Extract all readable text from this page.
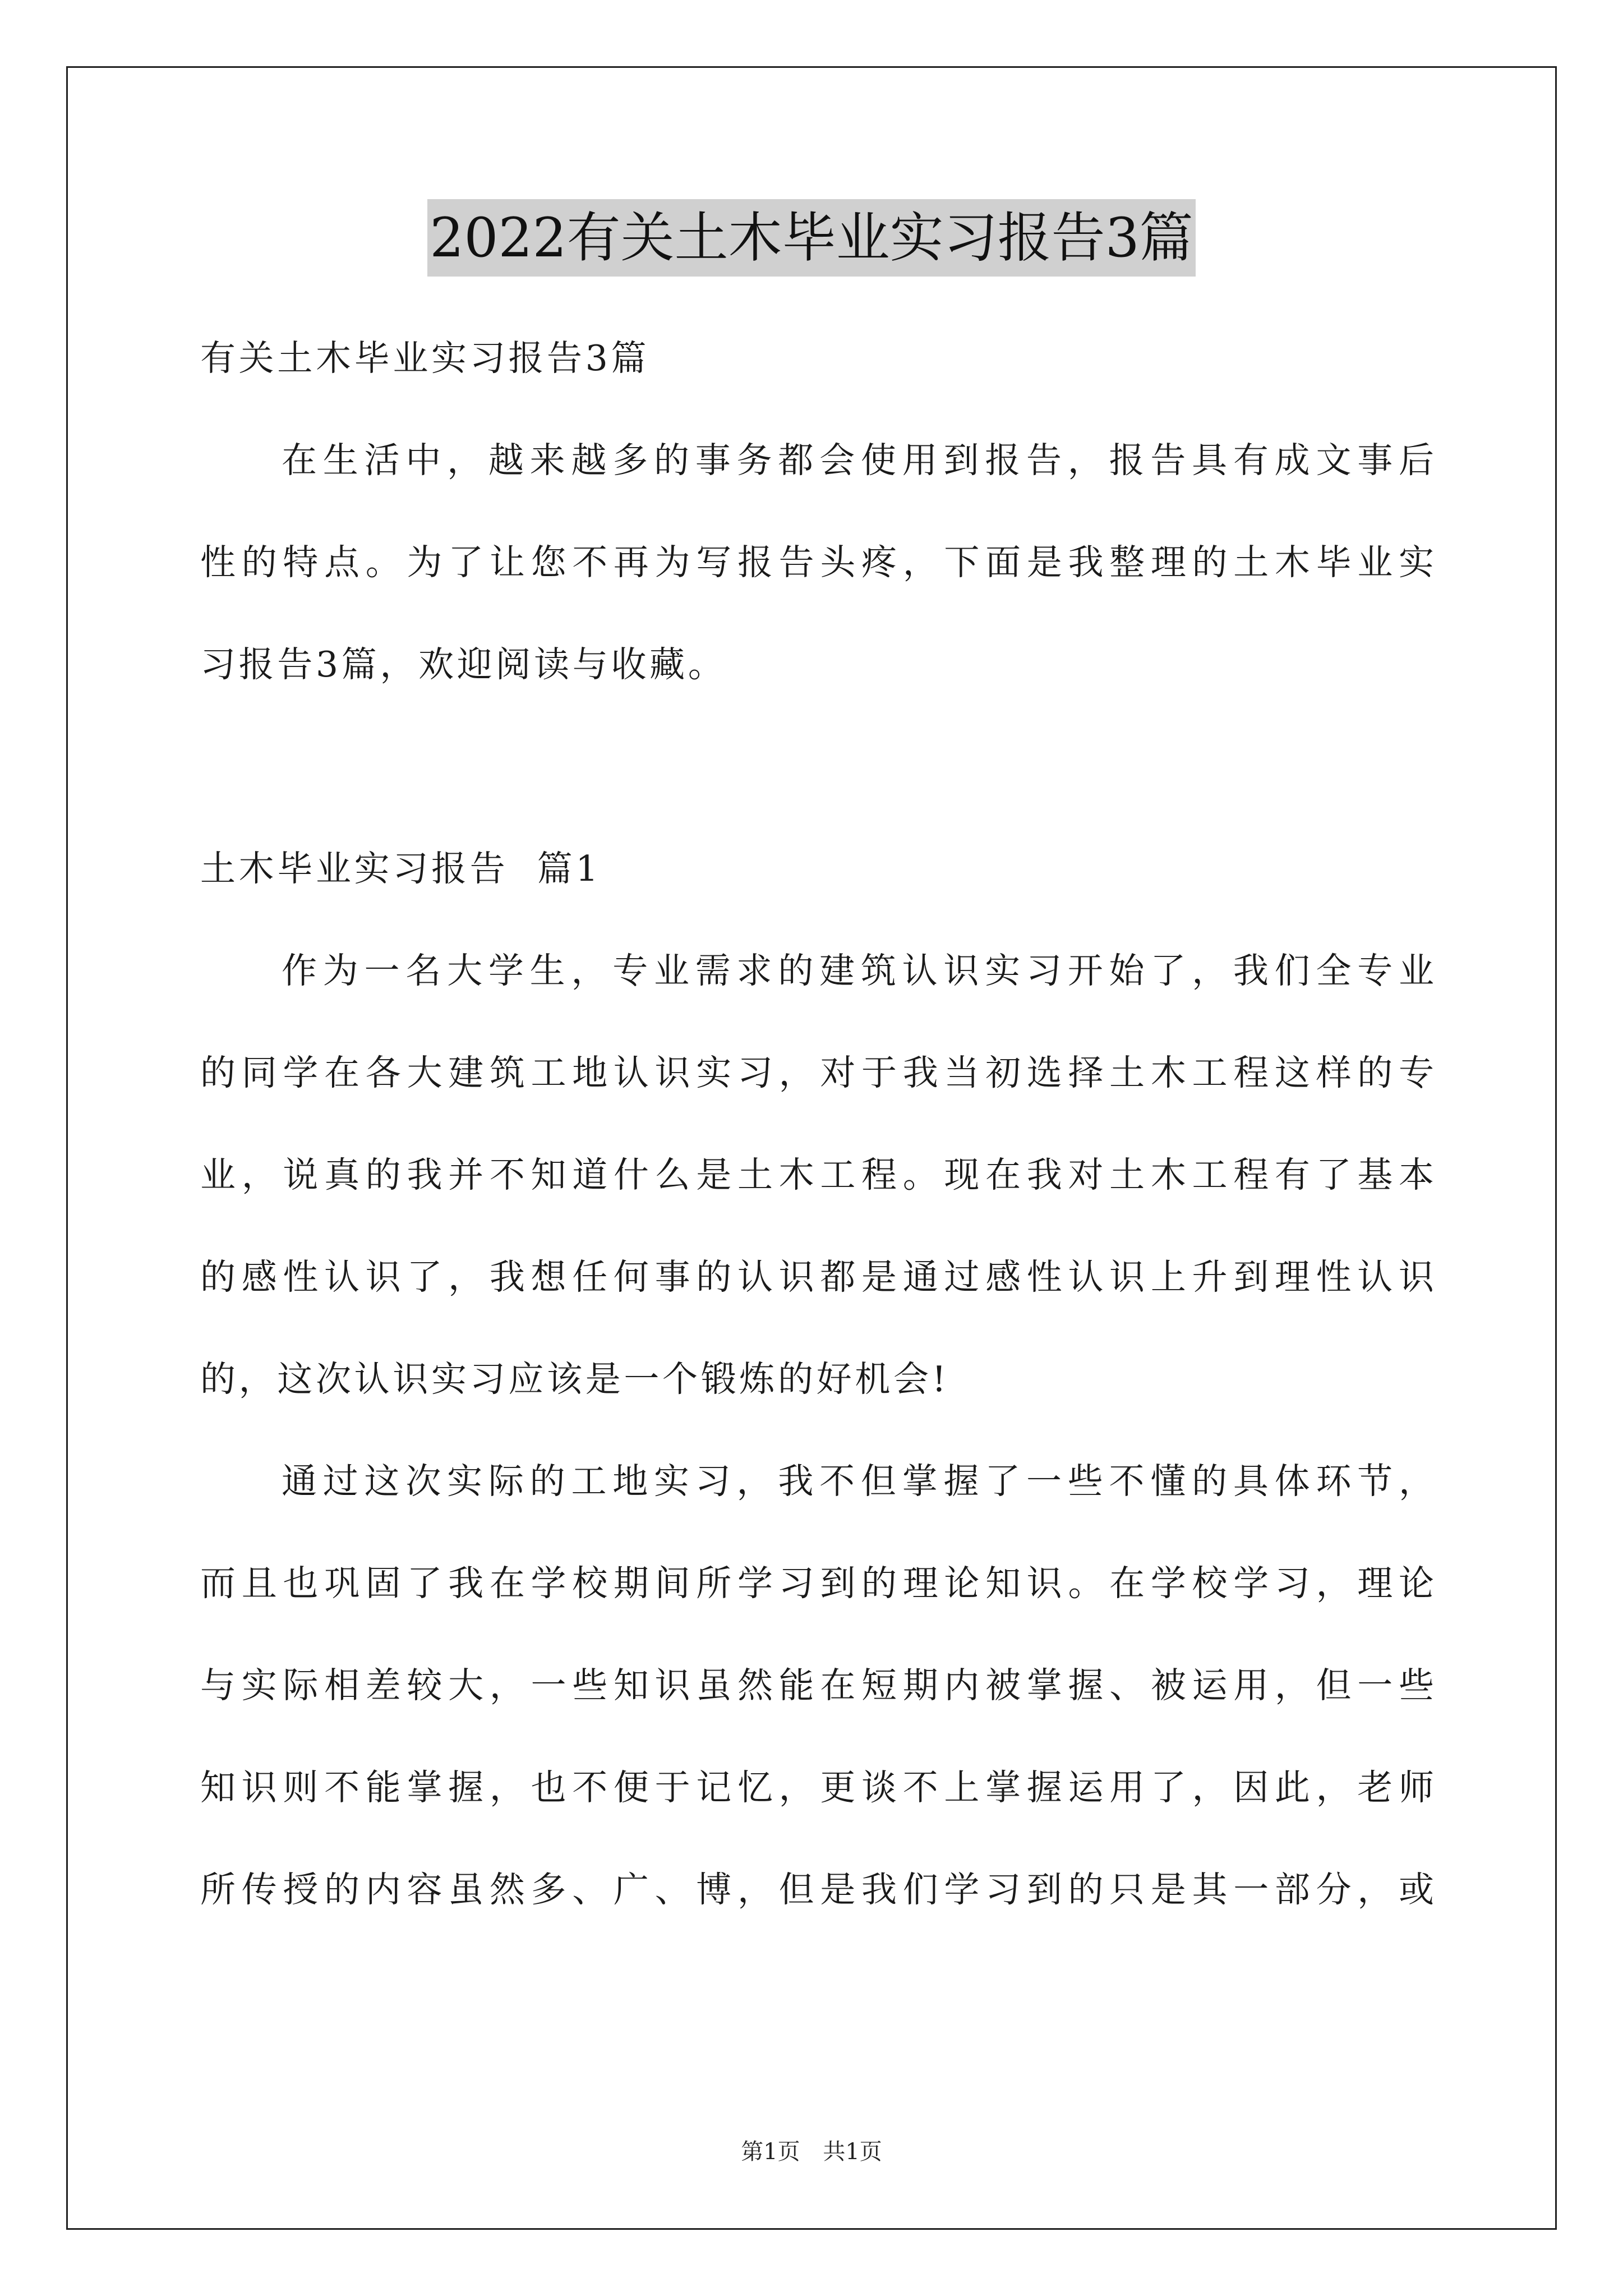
2022有关土木毕业实习报告3篇
有关土木毕业实习报告3篇
在生活中，越来越多的事务都会使用到报告，报告具有成文事后
性的特点。为了让您不再为写报告头疼，下面是我整理的土木毕业实
习报告3篇，欢迎阅读与收藏。
土木毕业实习报告  篇1
作为一名大学生，专业需求的建筑认识实习开始了，我们全专业
的同学在各大建筑工地认识实习，对于我当初选择土木工程这样的专
业，说真的我并不知道什么是土木工程。现在我对土木工程有了基本
的感性认识了，我想任何事的认识都是通过感性认识上升到理性认识
的，这次认识实习应该是一个锻炼的好机会!
通过这次实际的工地实习，我不但掌握了一些不懂的具体环节，
而且也巩固了我在学校期间所学习到的理论知识。在学校学习，理论
与实际相差较大，一些知识虽然能在短期内被掌握、被运用，但一些
知识则不能掌握，也不便于记忆，更谈不上掌握运用了，因此，老师
所传授的内容虽然多、广、博，但是我们学习到的只是其一部分，或
第1页 共1页
